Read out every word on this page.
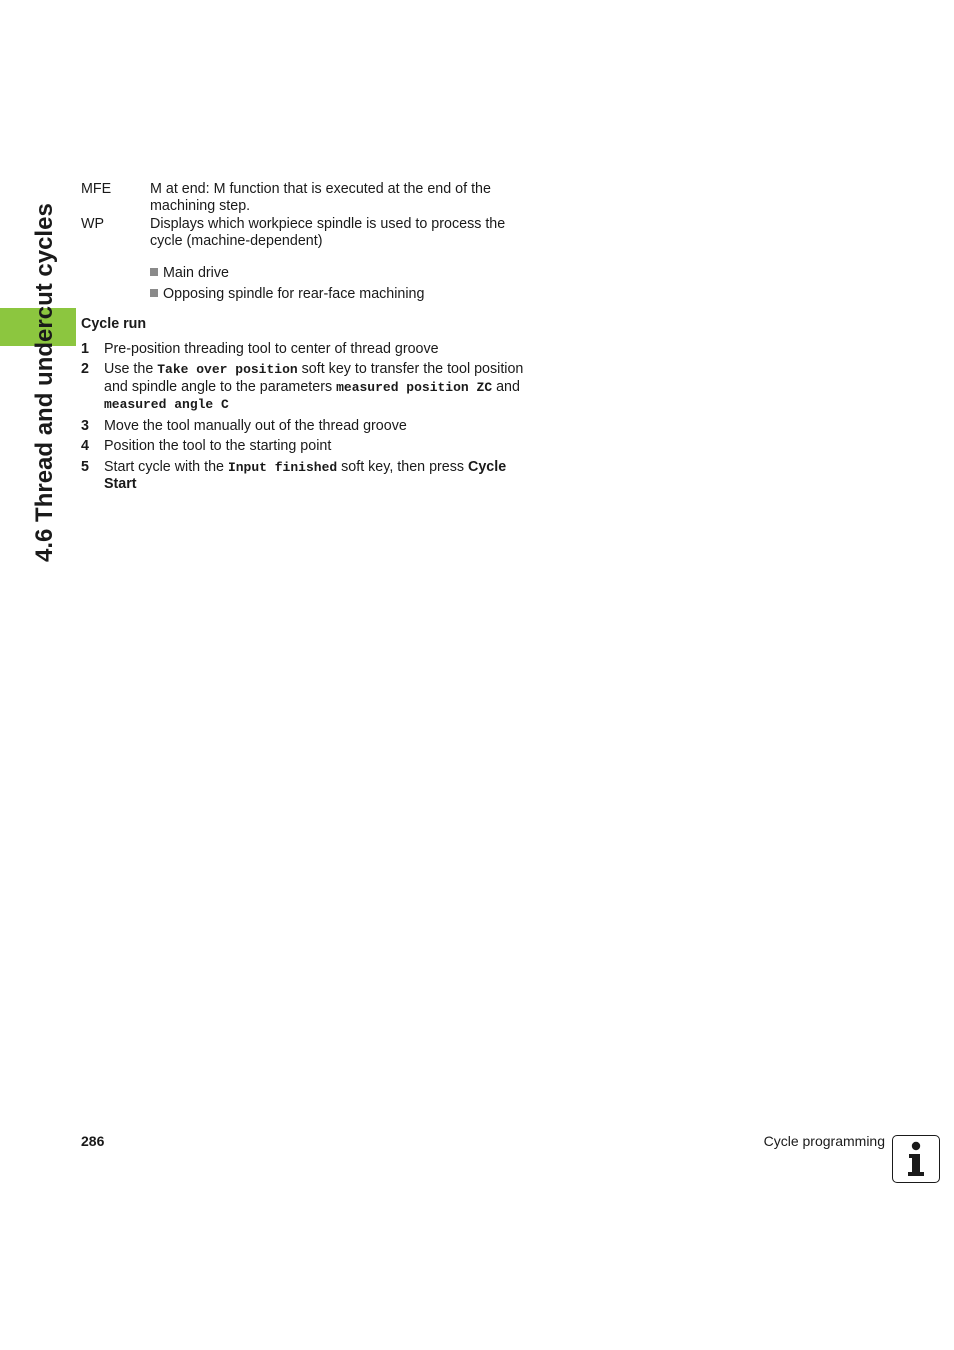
4.6 Thread and undercut cycles
MFE	M at end: M function that is executed at the end of the machining step.
WP	Displays which workpiece spindle is used to process the cycle (machine-dependent)
Main drive
Opposing spindle for rear-face machining
Cycle run
1	Pre-position threading tool to center of thread groove
2	Use the Take over position soft key to transfer the tool position and spindle angle to the parameters measured position ZC and measured angle C
3	Move the tool manually out of the thread groove
4	Position the tool to the starting point
5	Start cycle with the Input finished soft key, then press Cycle Start
286	Cycle programming
